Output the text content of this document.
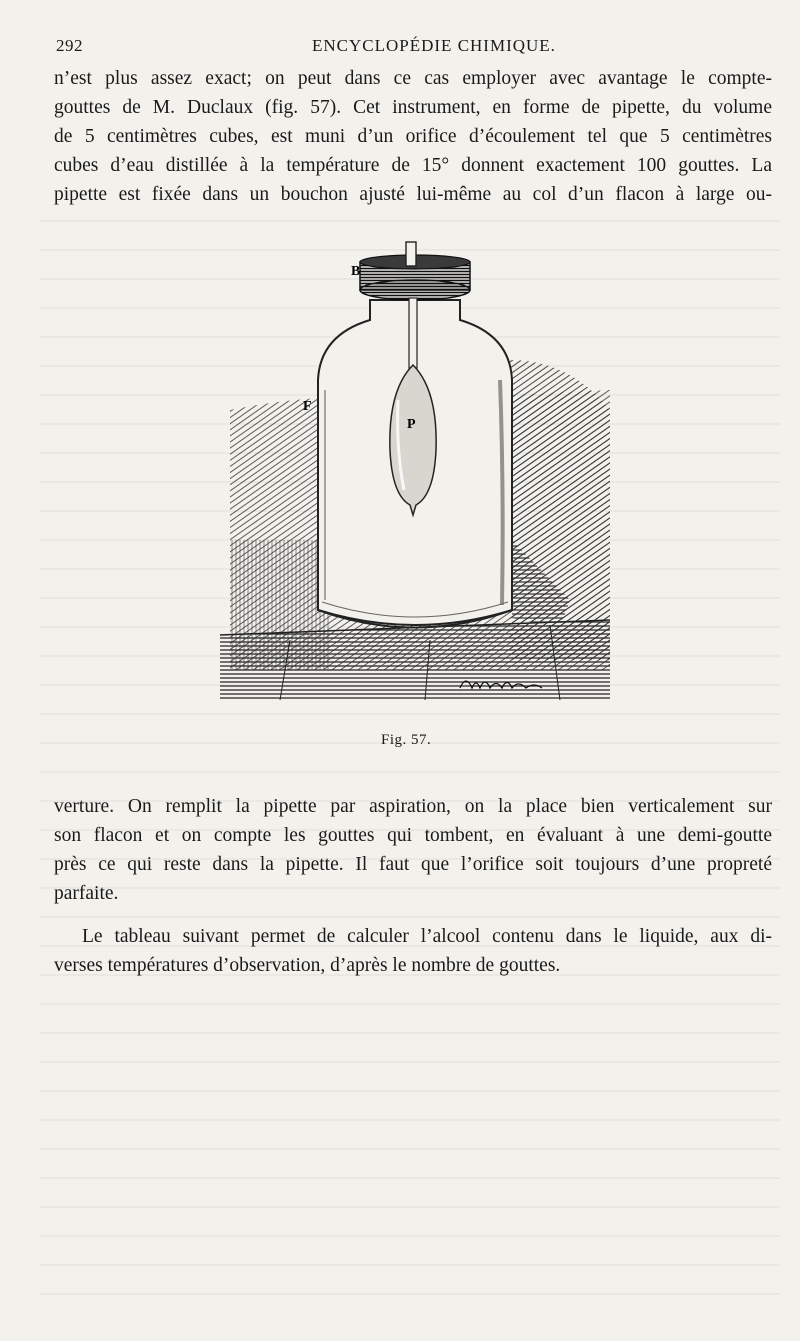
292	ENCYCLOPÉDIE CHIMIQUE.

n’est plus assez exact; on peut dans ce cas employer avec avantage le compte-
gouttes de M. Duclaux (fig. 57). Cet instrument, en forme de pipette, du volume
de 5 centimètres cubes, est muni d’un orifice d’écoulement tel que 5 centimètres
cubes d’eau distillée à la température de 15° donnent exactement 100 gouttes. La
pipette est fixée dans un bouchon ajusté lui-même au col d’un flacon à large ou-

B
F
P
Fig. 57.

verture. On remplit la pipette par aspiration, on la place bien verticalement sur
son flacon et on compte les gouttes qui tombent, en évaluant à une demi-goutte
près ce qui reste dans la pipette. Il faut que l’orifice soit toujours d’une propreté
parfaite.

Le tableau suivant permet de calculer l’alcool contenu dans le liquide, aux di-
verses températures d’observation, d’après le nombre de gouttes.
